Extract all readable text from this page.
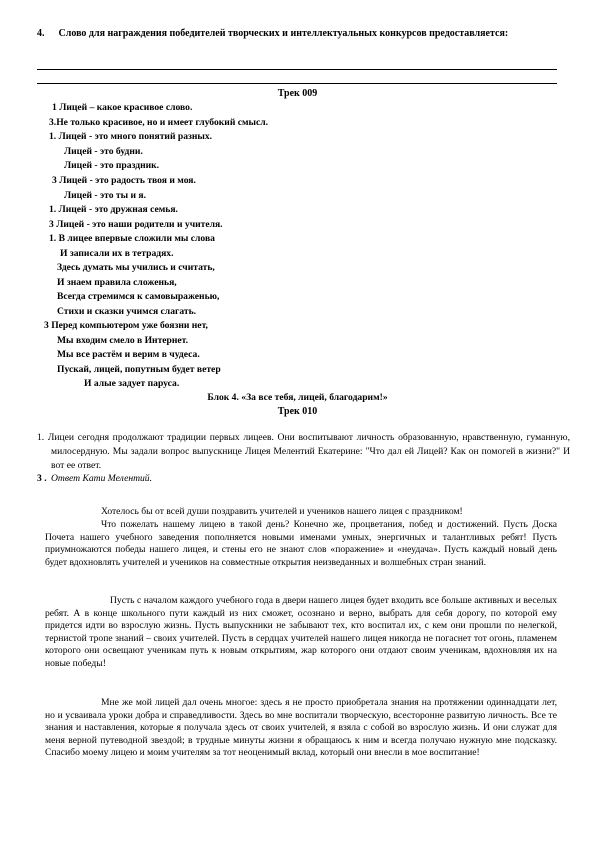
4. Слово для награждения победителей творческих и интеллектуальных конкурсов предоставляется:
Трек 009
1 Лицей – какое красивое слово.
3.Не только красивое, но и имеет глубокий смысл.
1. Лицей - это много понятий разных.
Лицей - это будни.
Лицей - это праздник.
3 Лицей - это радость твоя и моя.
Лицей - это ты и я.
1. Лицей - это дружная семья.
3 Лицей - это наши родители и учителя.
1. В лицее впервые сложили мы слова
И записали их в тетрадях.
Здесь думать мы учились и считать,
И знаем правила сложенья,
Всегда стремимся к самовыраженью,
Стихи и сказки учимся слагать.
3 Перед компьютером уже боязни нет,
Мы входим смело в Интернет.
Мы все растём и верим в чудеса.
Пускай, лицей, попутным будет ветер
И алые задует паруса.
Блок 4. «За все тебя, лицей, благодарим!»
Трек 010
1. Лицеи сегодня продолжают традиции первых лицеев. Они воспитывают личность образованную, нравственную, гуманную, милосердную. Мы задали вопрос выпускнице Лицея Мелентий Екатерине: "Что дал ей Лицей? Как он помогей в жизни?" И вот ее ответ.
3 . Ответ Кати Мелентий.
Хотелось бы от всей души поздравить учителей и учеников нашего лицея с праздником!
Что пожелать нашему лицею в такой день? Конечно же, процветания, побед и достижений. Пусть Доска Почета нашего учебного заведения пополняется новыми именами умных, энергичных и талантливых ребят! Пусть приумножаются победы нашего лицея, и стены его не знают слов «поражение» и «неудача». Пусть каждый новый день будет вдохновлять учителей и учеников на совместные открытия неизведанных и волшебных стран знаний.
Пусть с началом каждого учебного года в двери нашего лицея будет входить все больше активных и веселых ребят. А в конце школьного пути каждый из них сможет, осознано и верно, выбрать для себя дорогу, по которой ему придется идти во взрослую жизнь. Пусть выпускники не забывают тех, кто воспитал их, с кем они прошли по нелегкой, тернистой тропе знаний – своих учителей. Пусть в сердцах учителей нашего лицея никогда не погаснет тот огонь, пламенем которого они освещают ученикам путь к новым открытиям, жар которого они отдают своим ученикам, вдохновляя их на новые победы!
Мне же мой лицей дал очень многое: здесь я не просто приобретала знания на протяжении одиннадцати лет, но и усваивала уроки добра и справедливости. Здесь во мне воспитали творческую, всесторонне развитую личность. Все те знания и наставления, которые я получала здесь от своих учителей, я взяла с собой во взрослую жизнь. И они служат для меня верной путеводной звездой; в трудные минуты жизни я обращаюсь к ним и всегда получаю нужную мне подсказку. Спасибо моему лицею и моим учителям за тот неоценимый вклад, который они внесли в мое воспитание!
